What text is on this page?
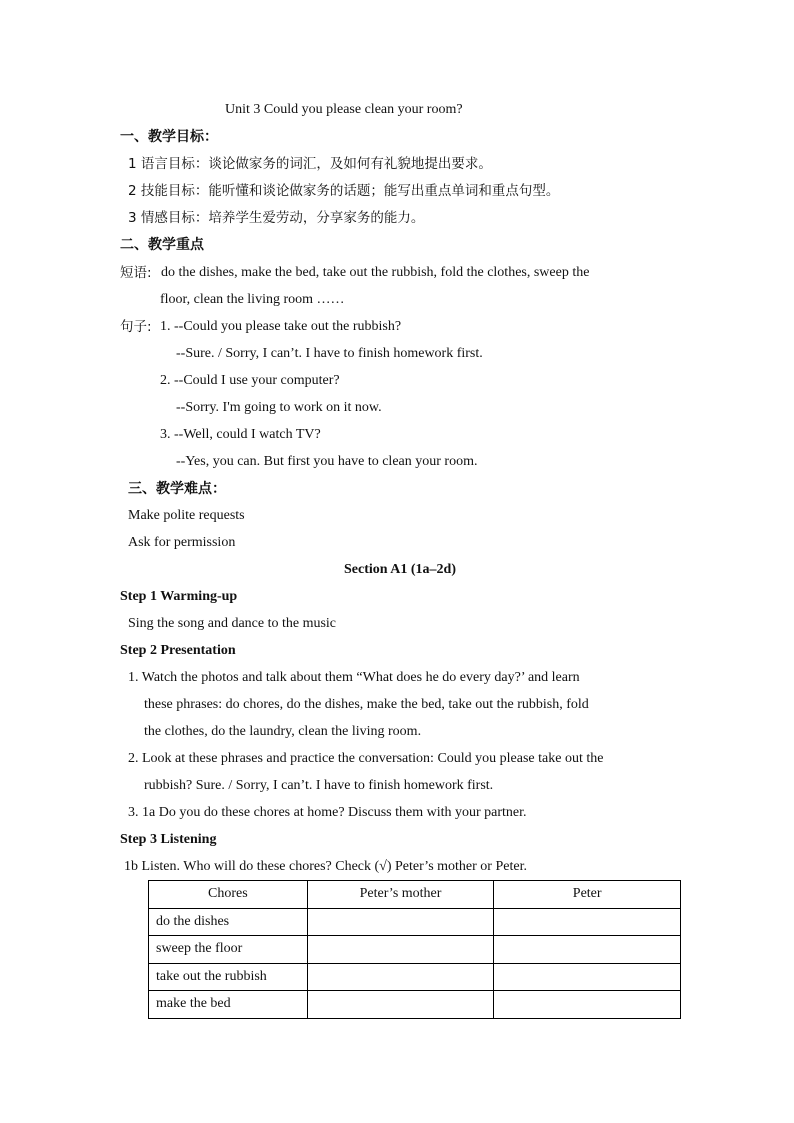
Unit 3 Could you please clean your room?
一、教学目标：
1 语言目标：谈论做家务的词汇，及如何有礼貌地提出要求。
2 技能目标：能听懂和谈论做家务的话题；能写出重点单词和重点句型。
3 情感目标：培养学生爱劳动，分享家务的能力。
二、教学重点
短语: do the dishes, make the bed, take out the rubbish, fold the clothes, sweep the
floor, clean the living room ……
句子: 1. --Could you please take out the rubbish?
--Sure. / Sorry, I can’t. I have to finish homework first.
2. --Could I use your computer?
--Sorry. I'm going to work on it now.
3. --Well, could I watch TV?
--Yes, you can. But first you have to clean your room.
三、教学难点：
Make polite requests
Ask for permission
Section A1 (1a–2d)
Step 1 Warming-up
Sing the song and dance to the music
Step 2 Presentation
1. Watch the photos and talk about them “What does he do every day?’ and learn
these phrases: do chores, do the dishes, make the bed, take out the rubbish, fold
the clothes, do the laundry, clean the living room.
2. Look at these phrases and practice the conversation: Could you please take out the
rubbish? Sure. / Sorry, I can’t. I have to finish homework first.
3. 1a Do you do these chores at home? Discuss them with your partner.
Step 3 Listening
1b Listen. Who will do these chores? Check (√) Peter’s mother or Peter.
Chores	Peter’s mother	Peter
do the dishes		
sweep the floor		
take out the rubbish		
make the bed		
